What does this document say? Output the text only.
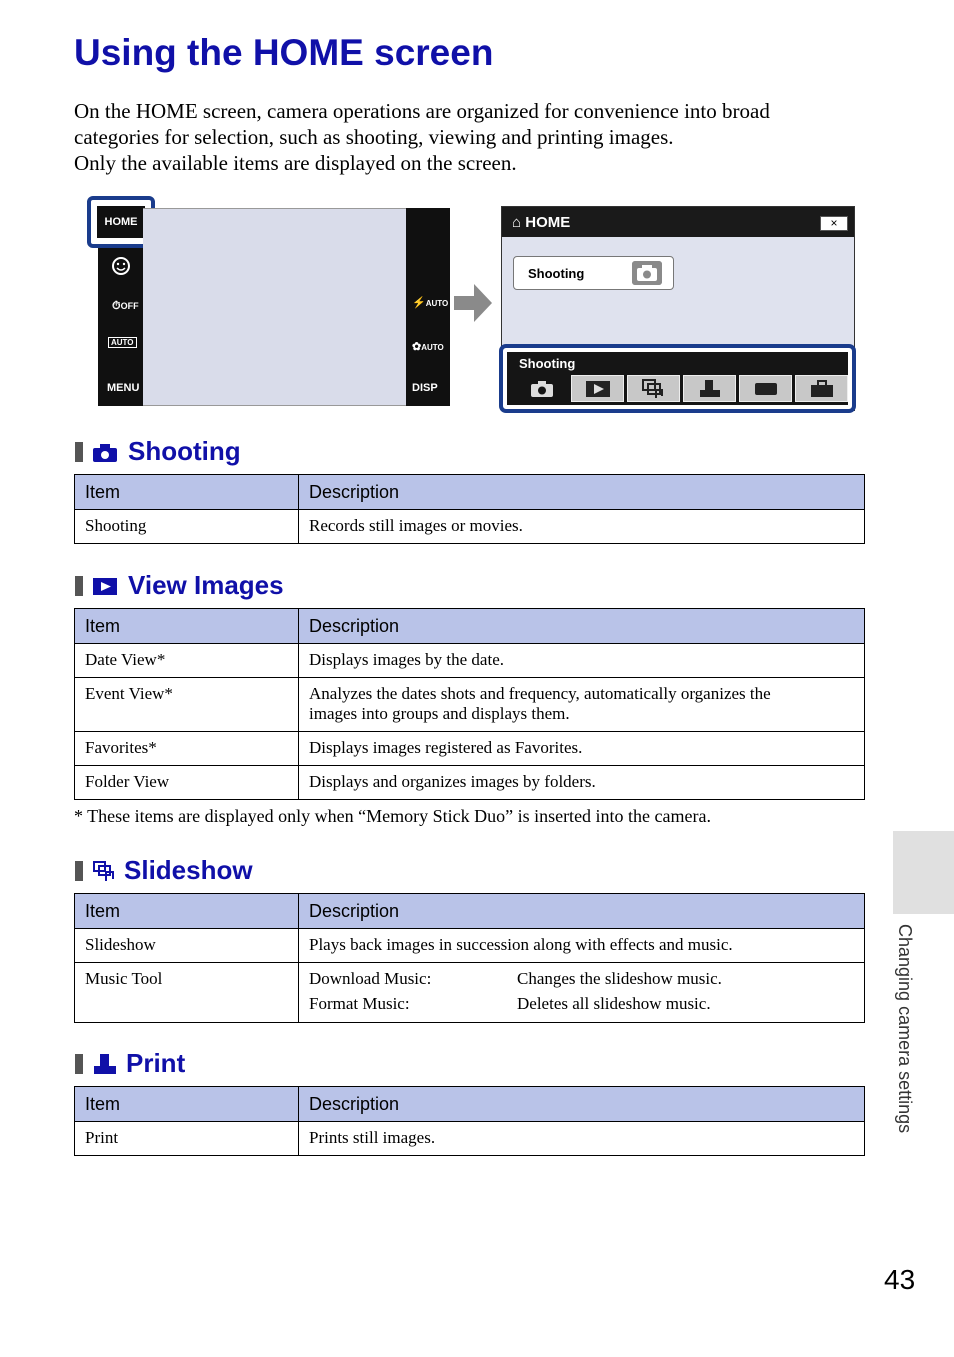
Using the HOME screen
On the HOME screen, camera operations are organized for convenience into broad
categories for selection, such as shooting, viewing and printing images.
Only the available items are displayed on the screen.
⏱OFF
AUTO
MENU
HOME
⚡AUTO
✿AUTO
DISP
⌂ HOME	×
Shooting
Shooting
Shooting
Item	Description
Shooting	Records still images or movies.
View Images
Item	Description
Date View*	Displays images by the date.
Event View*	Analyzes the dates shots and frequency, automatically organizes the
images into groups and displays them.

Favorites*	Displays images registered as Favorites.
Folder View	Displays and organizes images by folders.
* These items are displayed only when “Memory Stick Duo” is inserted into the camera.
Slideshow
Item	Description
Slideshow	Plays back images in succession along with effects and music.
Music Tool	Download Music: Changes the slideshow music.
Format Music: Deletes all slideshow music.
Print
Item	Description
Print	Prints still images.
Changing camera settings
43
